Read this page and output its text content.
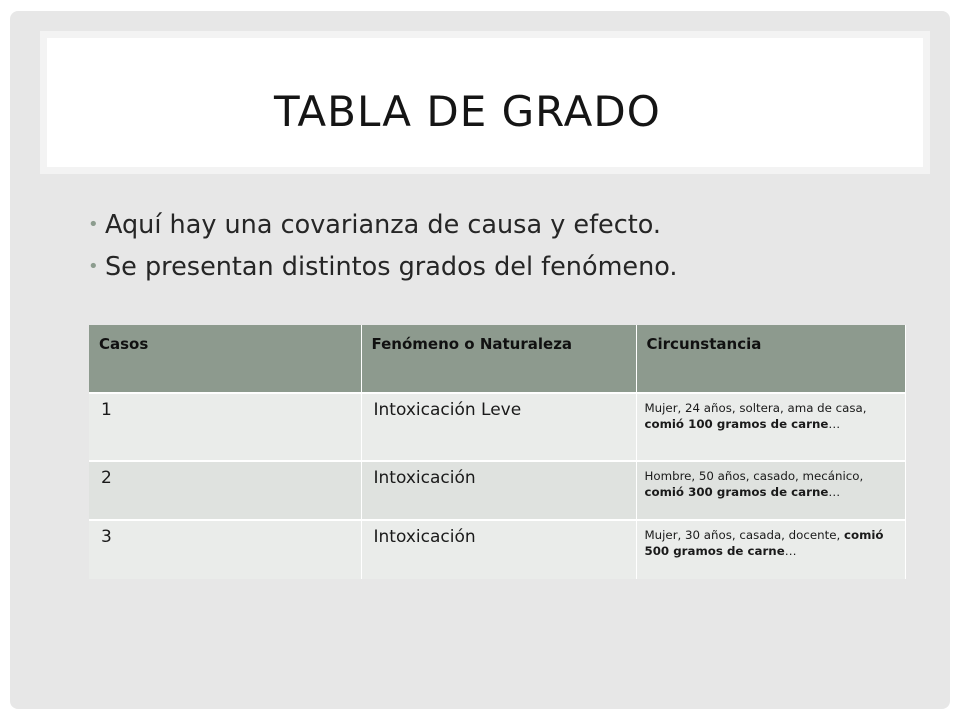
TABLA DE GRADO
• Aquí hay una covarianza de causa y efecto.
• Se presentan distintos grados del fenómeno.
Casos	Fenómeno o Naturaleza	Circunstancia
1	Intoxicación Leve	Mujer, 24 años, soltera, ama de casa, comió 100 gramos de carne…
2	Intoxicación	Hombre, 50 años, casado, mecánico, comió 300 gramos de carne…
3	Intoxicación	Mujer, 30 años, casada, docente, comió 500 gramos de carne…
